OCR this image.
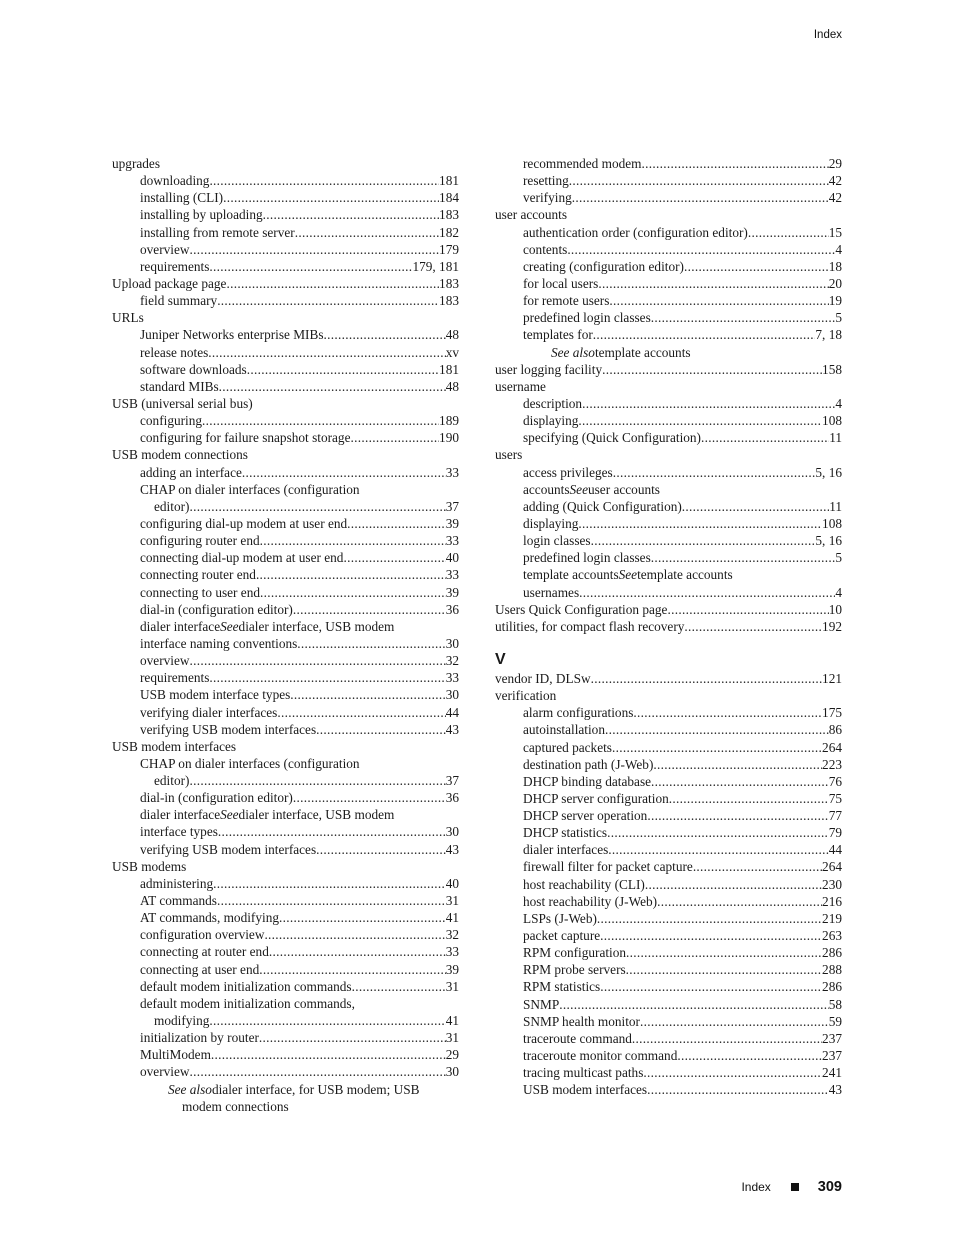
Index
upgrades
downloading .....	181
installing (CLI) .....	184
installing by uploading .....	183
installing from remote server .....	182
overview .....	179
requirements .....	179, 181
Upload package page .....	183
field summary .....	183
URLs
Juniper Networks enterprise MIBs .....	48
release notes .....	xv
software downloads .....	181
standard MIBs .....	48
USB (universal serial bus)
configuring .....	189
configuring for failure snapshot storage .....	190
USB modem connections
adding an interface .....	33
CHAP on dialer interfaces (configuration
editor) .....	37
configuring dial-up modem at user end .....	39
configuring router end .....	33
connecting dial-up modem at user end .....	40
connecting router end .....	33
connecting to user end .....	39
dial-in (configuration editor) .....	36
dialer interface See dialer interface, USB modem
interface naming conventions .....	30
overview .....	32
requirements .....	33
USB modem interface types .....	30
verifying dialer interfaces .....	44
verifying USB modem interfaces .....	43
USB modem interfaces
CHAP on dialer interfaces (configuration
editor) .....	37
dial-in (configuration editor) .....	36
dialer interface See dialer interface, USB modem
interface types .....	30
verifying USB modem interfaces .....	43
USB modems
administering .....	40
AT commands .....	31
AT commands, modifying .....	41
configuration overview .....	32
connecting at router end .....	33
connecting at user end .....	39
default modem initialization commands .....	31
default modem initialization commands,
modifying .....	41
initialization by router .....	31
MultiModem .....	29
overview .....	30
See also dialer interface, for USB modem; USB
modem connections
recommended modem .....	29
resetting .....	42
verifying .....	42
user accounts
authentication order (configuration editor) .....	15
contents .....	4
creating (configuration editor) .....	18
for local users .....	20
for remote users .....	19
predefined login classes .....	5
templates for .....	7, 18
See also template accounts
user logging facility .....	158
username
description .....	4
displaying .....	108
specifying (Quick Configuration) .....	11
users
access privileges .....	5, 16
accounts See user accounts
adding (Quick Configuration) .....	11
displaying .....	108
login classes .....	5, 16
predefined login classes .....	5
template accounts See template accounts
usernames .....	4
Users Quick Configuration page .....	10
utilities, for compact flash recovery .....	192
V
vendor ID, DLSw .....	121
verification
alarm configurations .....	175
autoinstallation .....	86
captured packets .....	264
destination path (J-Web) .....	223
DHCP binding database .....	76
DHCP server configuration .....	75
DHCP server operation .....	77
DHCP statistics .....	79
dialer interfaces .....	44
firewall filter for packet capture .....	264
host reachability (CLI) .....	230
host reachability (J-Web) .....	216
LSPs (J-Web) .....	219
packet capture .....	263
RPM configuration .....	286
RPM probe servers .....	288
RPM statistics .....	286
SNMP .....	58
SNMP health monitor .....	59
traceroute command .....	237
traceroute monitor command .....	237
tracing multicast paths .....	241
USB modem interfaces .....	43
Index	309
